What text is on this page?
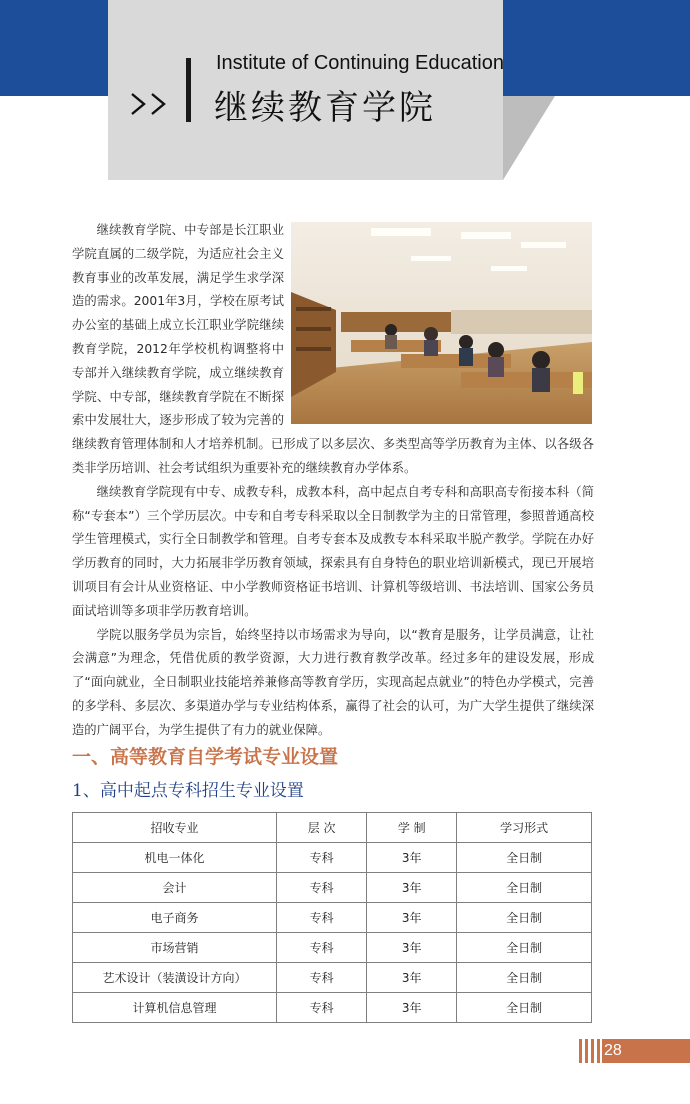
Institute of Continuing Education
继续教育学院

继续教育学院、中专部是长江职业学院直属的二级学院，为适应社会主义教育事业的改革发展，满足学生求学深造的需求。2001年3月，学校在原考试办公室的基础上成立长江职业学院继续教育学院，2012年学校机构调整将中专部并入继续教育学院，成立继续教育学院、中专部，继续教育学院在不断探索中发展壮大，逐步形成了较为完善的继续教育管理体制和人才培养机制。已形成了以多层次、多类型高等学历教育为主体、以各级各类非学历培训、社会考试组织为重要补充的继续教育办学体系。

继续教育学院现有中专、成教专科，成教本科，高中起点自考专科和高职高专衔接本科（简称“专套本”）三个学历层次。中专和自考专科采取以全日制教学为主的日常管理，参照普通高校学生管理模式，实行全日制教学和管理。自考专套本及成教专本科采取半脱产教学。学院在办好学历教育的同时，大力拓展非学历教育领域，探索具有自身特色的职业培训新模式，现已开展培训项目有会计从业资格证、中小学教师资格证书培训、计算机等级培训、书法培训、国家公务员面试培训等多项非学历教育培训。

学院以服务学员为宗旨，始终坚持以市场需求为导向，以“教育是服务，让学员满意，让社会满意”为理念，凭借优质的教学资源，大力进行教育教学改革。经过多年的建设发展，形成了“面向就业，全日制职业技能培养兼修高等教育学历，实现高起点就业”的特色办学模式，完善的多学科、多层次、多渠道办学与专业结构体系，赢得了社会的认可，为广大学生提供了继续深造的广阔平台，为学生提供了有力的就业保障。

一、高等教育自学考试专业设置
1、高中起点专科招生专业设置
招收专业	层 次	学 制	学习形式
机电一体化	专科	3年	全日制
会计	专科	3年	全日制
电子商务	专科	3年	全日制
市场营销	专科	3年	全日制
艺术设计（装潢设计方向）	专科	3年	全日制
计算机信息管理	专科	3年	全日制
28
